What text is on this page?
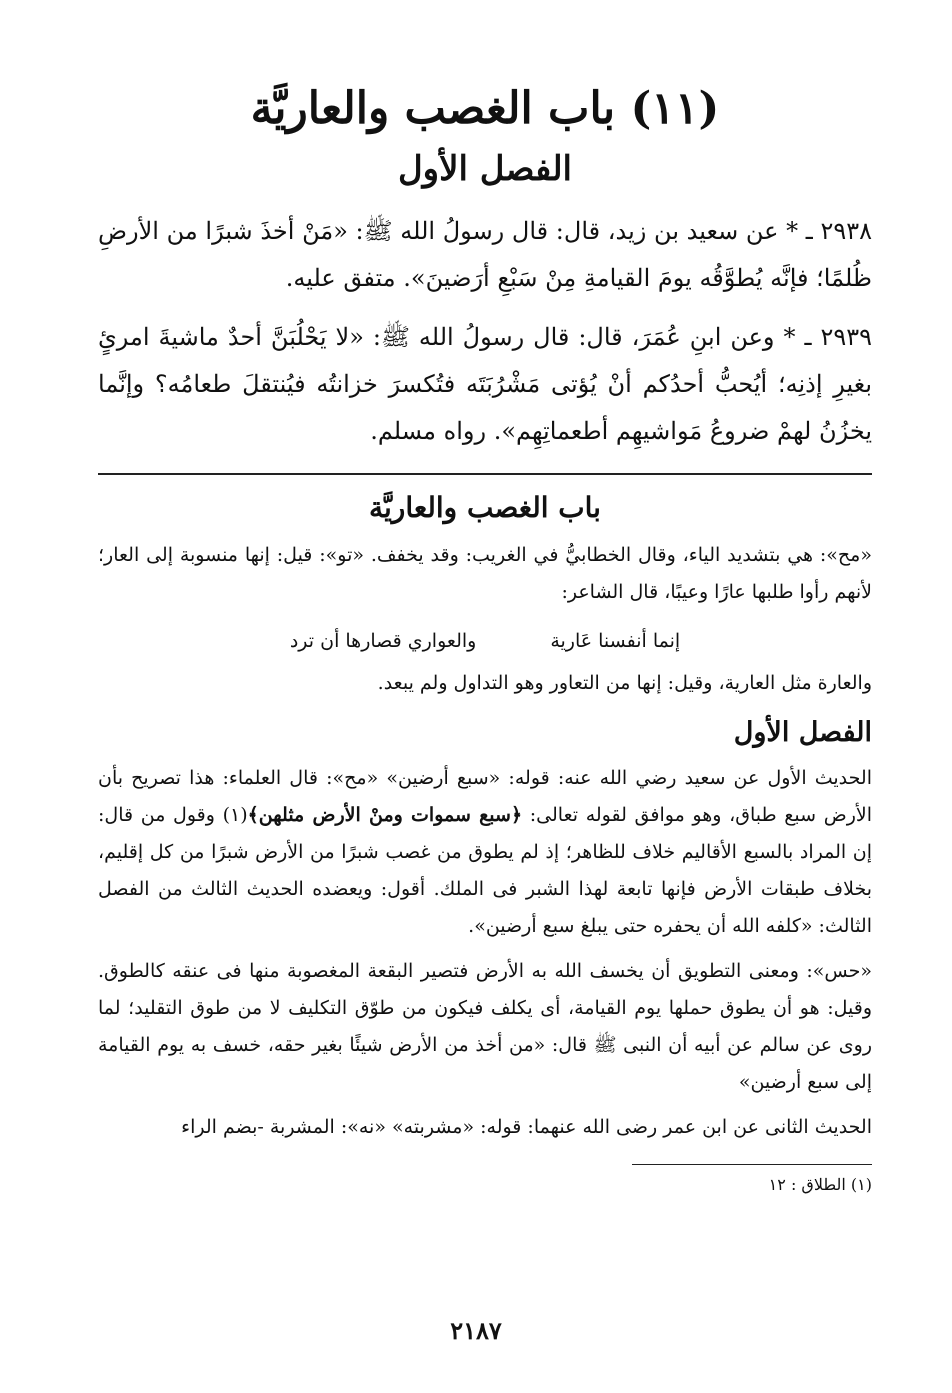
(١١) باب الغصب والعاريَّة
الفصل الأول

٢٩٣٨ ـ * عن سعيد بن زيد، قال: قال رسولُ الله ﷺ: «مَنْ أخذَ شبرًا من الأرضِ ظُلمًا؛ فإنَّه يُطوَّقُه يومَ القيامةِ مِنْ سَبْعِ أرَضينَ». متفق عليه.

٢٩٣٩ ـ * وعن ابنِ عُمَرَ، قال: قال رسولُ الله ﷺ: «لا يَحْلُبَنَّ أحدٌ ماشيةَ امرئٍ بغيرِ إذنِه؛ أيُحبُّ أحدُكم أنْ يُؤتى مَشْرُبَتَه فتُكسرَ خزانتُه فيُنتقلَ طعامُه؟ وإنَّما يخزُنُ لهمْ ضروعُ مَواشيهِم أطعماتِهِم». رواه مسلم.

باب الغصب والعاريَّة

«مح»: هي بتشديد الياء، وقال الخطابيُّ في الغريب: وقد يخفف. «تو»: قيل: إنها منسوبة إلى العار؛ لأنهم رأوا طلبها عارًا وعيبًا، قال الشاعر:

إنما أنفسنا عَارية
والعواري قصارها أن ترد

والعارة مثل العارية، وقيل: إنها من التعاور وهو التداول ولم يبعد.

الفصل الأول

الحديث الأول عن سعيد رضي الله عنه: قوله: «سبع أرضين» «مح»: قال العلماء: هذا تصريح بأن الأرض سبع طباق، وهو موافق لقوله تعالى: ﴿سبع سموات ومنْ الأرض مثلهن﴾(١) وقول من قال: إن المراد بالسبع الأقاليم خلاف للظاهر؛ إذ لم يطوق من غصب شبرًا من الأرض شبرًا من كل إقليم، بخلاف طبقات الأرض فإنها تابعة لهذا الشبر فى الملك. أقول: ويعضده الحديث الثالث من الفصل الثالث: «كلفه الله أن يحفره حتى يبلغ سبع أرضين».

«حس»: ومعنى التطويق أن يخسف الله به الأرض فتصير البقعة المغصوبة منها فى عنقه كالطوق. وقيل: هو أن يطوق حملها يوم القيامة، أى يكلف فيكون من طوّق التكليف لا من طوق التقليد؛ لما روى عن سالم عن أبيه أن النبى ﷺ قال: «من أخذ من الأرض شيئًا بغير حقه، خسف به يوم القيامة إلى سبع أرضين»

الحديث الثانى عن ابن عمر رضى الله عنهما: قوله: «مشربته» «نه»: المشربة -بضم الراء

(١) الطلاق : ١٢

٢١٨٧
